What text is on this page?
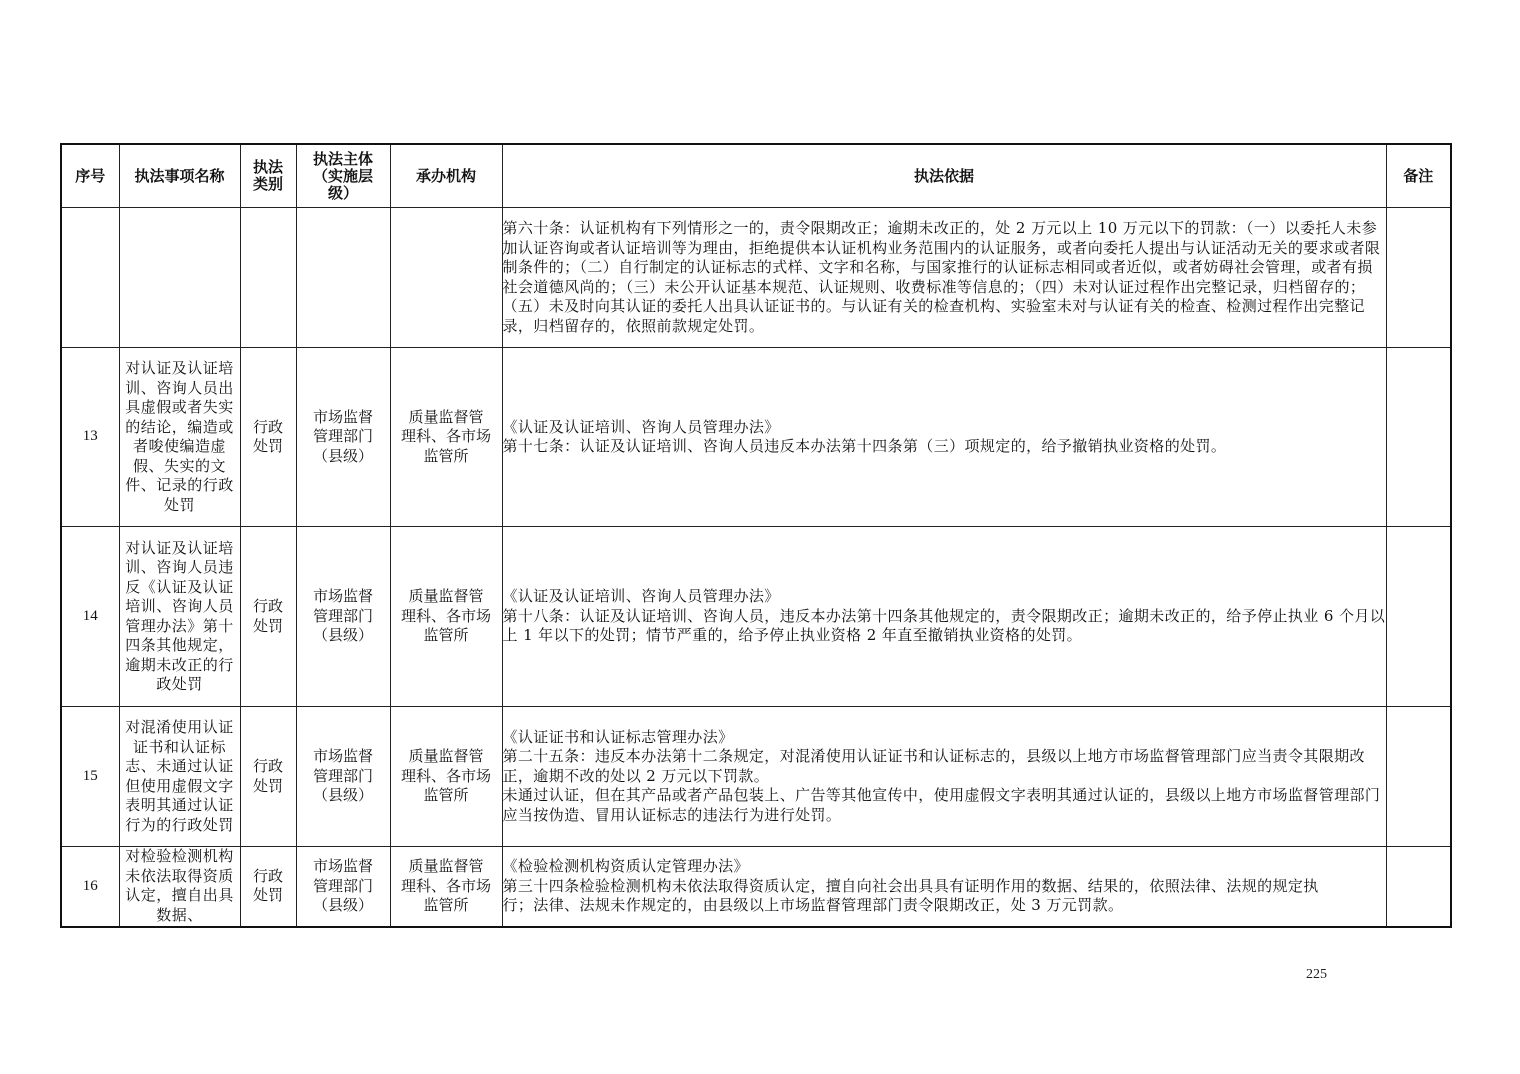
序号	执法事项名称	执法
类别	执法主体
（实施层
级）	承办机构	执法依据	备注

					第六十条：认证机构有下列情形之一的，责令限期改正；逾期未改正的，处 2 万元以上 10 万元以下的罚款：（一）以委托人未参加认证咨询或者认证培训等为理由，拒绝提供本认证机构业务范围内的认证服务，或者向委托人提出与认证活动无关的要求或者限制条件的；（二）自行制定的认证标志的式样、文字和名称，与国家推行的认证标志相同或者近似，或者妨碍社会管理，或者有损社会道德风尚的；（三）未公开认证基本规范、认证规则、收费标准等信息的；（四）未对认证过程作出完整记录，归档留存的；（五）未及时向其认证的委托人出具认证证书的。与认证有关的检查机构、实验室未对与认证有关的检查、检测过程作出完整记录，归档留存的，依照前款规定处罚。	

13	对认证及认证培训、咨询人员出具虚假或者失实的结论，编造或者唆使编造虚假、失实的文件、记录的行政处罚	行政
处罚	市场监督
管理部门
（县级）	质量监督管
理科、各市场
监管所	《认证及认证培训、咨询人员管理办法》
第十七条：认证及认证培训、咨询人员违反本办法第十四条第（三）项规定的，给予撤销执业资格的处罚。	

14	对认证及认证培训、咨询人员违反《认证及认证培训、咨询人员管理办法》第十四条其他规定，逾期未改正的行政处罚	行政
处罚	市场监督
管理部门
（县级）	质量监督管
理科、各市场
监管所	《认证及认证培训、咨询人员管理办法》
第十八条：认证及认证培训、咨询人员，违反本办法第十四条其他规定的，责令限期改正；逾期未改正的，给予停止执业 6 个月以上 1 年以下的处罚；情节严重的，给予停止执业资格 2 年直至撤销执业资格的处罚。	

15	对混淆使用认证证书和认证标志、未通过认证但使用虚假文字表明其通过认证行为的行政处罚	行政
处罚	市场监督
管理部门
（县级）	质量监督管
理科、各市场
监管所	《认证证书和认证标志管理办法》
第二十五条：违反本办法第十二条规定，对混淆使用认证证书和认证标志的，县级以上地方市场监督管理部门应当责令其限期改正，逾期不改的处以 2 万元以下罚款。
未通过认证，但在其产品或者产品包装上、广告等其他宣传中，使用虚假文字表明其通过认证的，县级以上地方市场监督管理部门应当按伪造、冒用认证标志的违法行为进行处罚。	

16	对检验检测机构未依法取得资质认定，擅自出具数据、	行政
处罚	市场监督
管理部门
（县级）	质量监督管
理科、各市场
监管所	《检验检测机构资质认定管理办法》
第三十四条检验检测机构未依法取得资质认定，擅自向社会出具具有证明作用的数据、结果的，依照法律、法规的规定执
行；法律、法规未作规定的，由县级以上市场监督管理部门责令限期改正，处 3 万元罚款。	

225
